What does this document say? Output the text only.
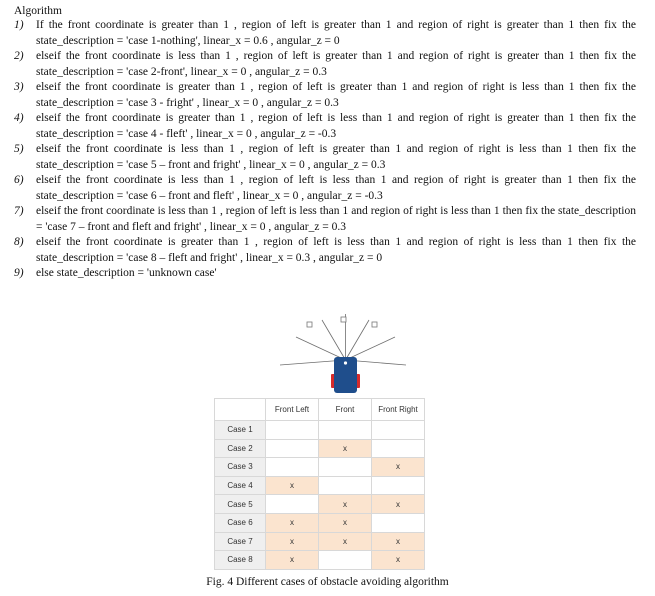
Algorithm
1) If the front coordinate is greater than 1 , region of left is greater than 1 and region of right is greater than 1 then fix the state_description = 'case 1-nothing', linear_x = 0.6 , angular_z = 0
2) elseif the front coordinate is less than 1 , region of left is greater than 1 and region of right is greater than 1 then fix the state_description = 'case 2-front', linear_x = 0 , angular_z = 0.3
3) elseif the front coordinate is greater than 1 , region of left is greater than 1 and region of right is less than 1 then fix the state_description = 'case 3 - fright' , linear_x = 0 , angular_z = 0.3
4) elseif the front coordinate is greater than 1 , region of left is less than 1 and region of right is greater than 1 then fix the state_description = 'case 4 - fleft' , linear_x = 0 , angular_z = -0.3
5) elseif the front coordinate is less than 1 , region of left is greater than 1 and region of right is less than 1 then fix the state_description = 'case 5 – front and fright' , linear_x = 0 , angular_z = 0.3
6) elseif the front coordinate is less than 1 , region of left is less than 1 and region of right is greater than 1 then fix the state_description = 'case 6 – front and fleft' , linear_x = 0 , angular_z = -0.3
7) elseif the front coordinate is less than 1 , region of left is less than 1 and region of right is less than 1 then fix the state_description = 'case 7 – front and fleft and fright' , linear_x = 0 , angular_z = 0.3
8) elseif the front coordinate is greater than 1 , region of left is less than 1 and region of right is less than 1 then fix the state_description = 'case 8 – fleft and fright' , linear_x = 0.3 , angular_z = 0
9) else state_description = 'unknown case'
	Front Left	Front	Front Right
Case 1			
Case 2		x	
Case 3			x
Case 4	x		
Case 5		x	x
Case 6	x	x	
Case 7	x	x	x
Case 8	x		x
Fig. 4 Different cases of obstacle avoiding algorithm
